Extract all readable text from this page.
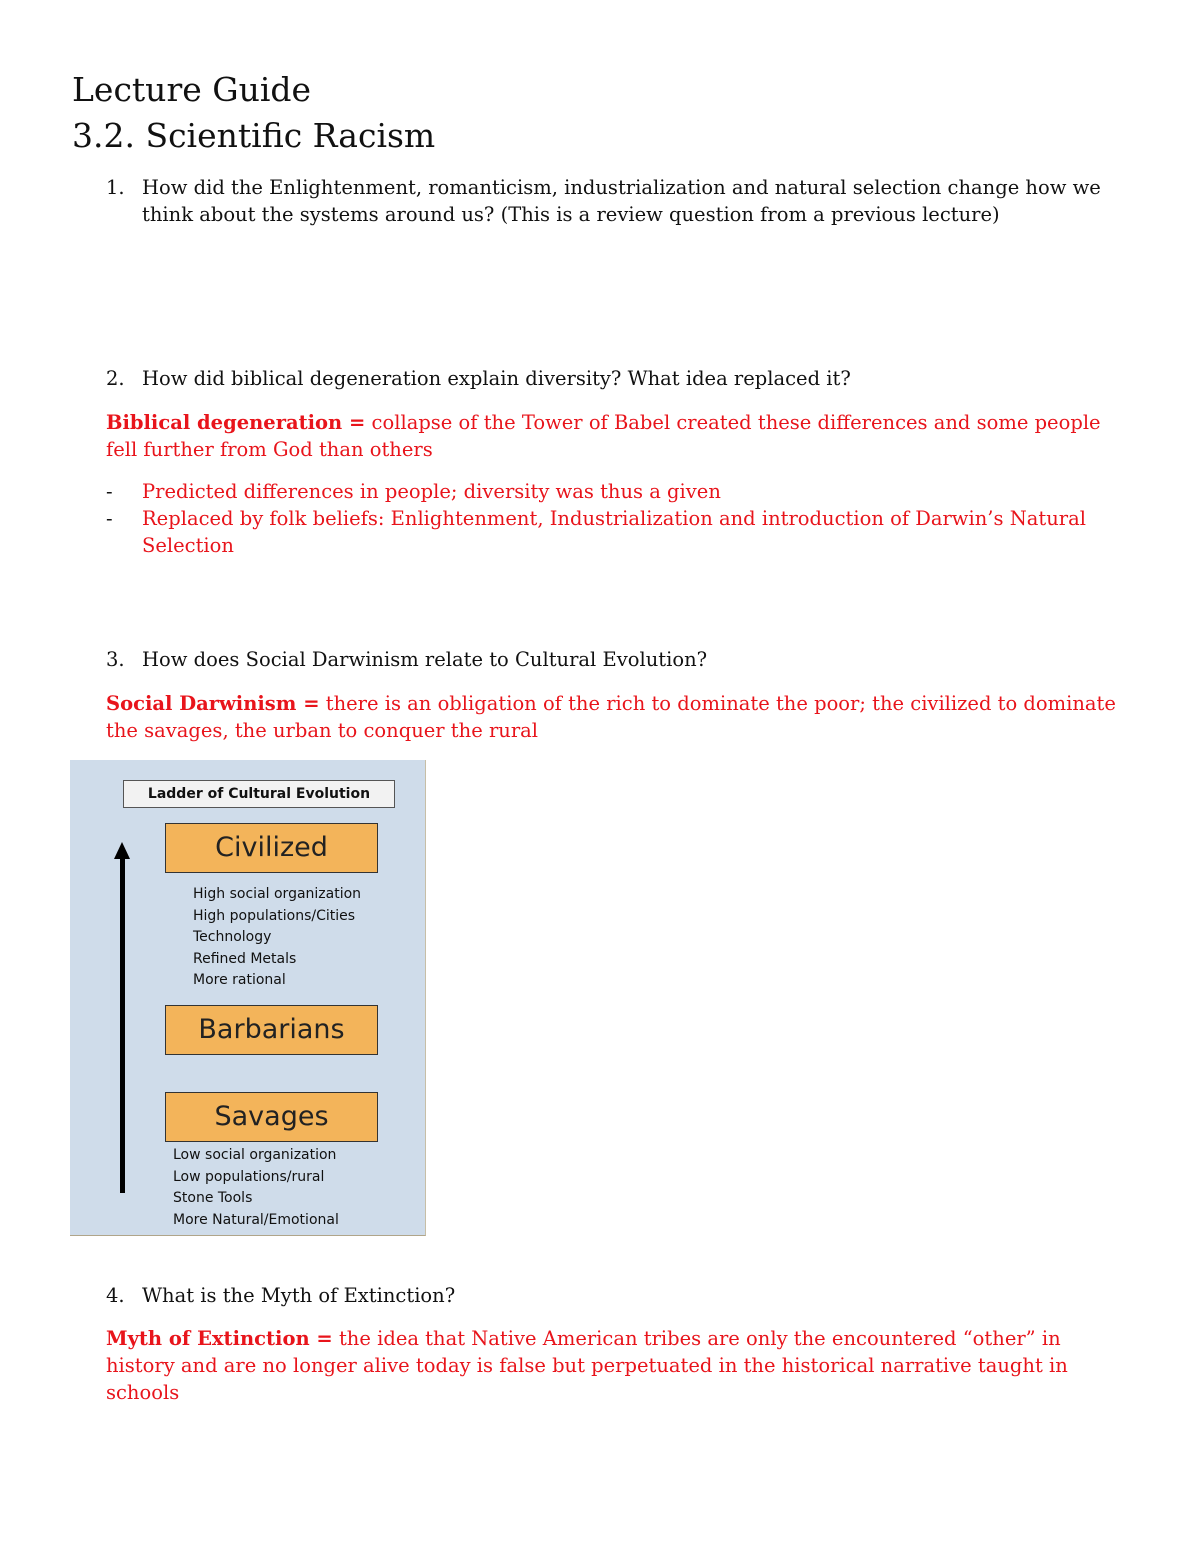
Lecture Guide
3.2. Scientific Racism
1. How did the Enlightenment, romanticism, industrialization and natural selection change how we think about the systems around us? (This is a review question from a previous lecture)
2. How did biblical degeneration explain diversity? What idea replaced it?
Biblical degeneration = collapse of the Tower of Babel created these differences and some people fell further from God than others
- Predicted differences in people; diversity was thus a given
- Replaced by folk beliefs: Enlightenment, Industrialization and introduction of Darwin’s Natural Selection
3. How does Social Darwinism relate to Cultural Evolution?
Social Darwinism = there is an obligation of the rich to dominate the poor; the civilized to dominate the savages, the urban to conquer the rural
Ladder of Cultural Evolution
Civilized
High social organization
High populations/Cities
Technology
Refined Metals
More rational
Barbarians
Savages
Low social organization
Low populations/rural
Stone Tools
More Natural/Emotional
4. What is the Myth of Extinction?
Myth of Extinction = the idea that Native American tribes are only the encountered “other” in history and are no longer alive today is false but perpetuated in the historical narrative taught in schools
